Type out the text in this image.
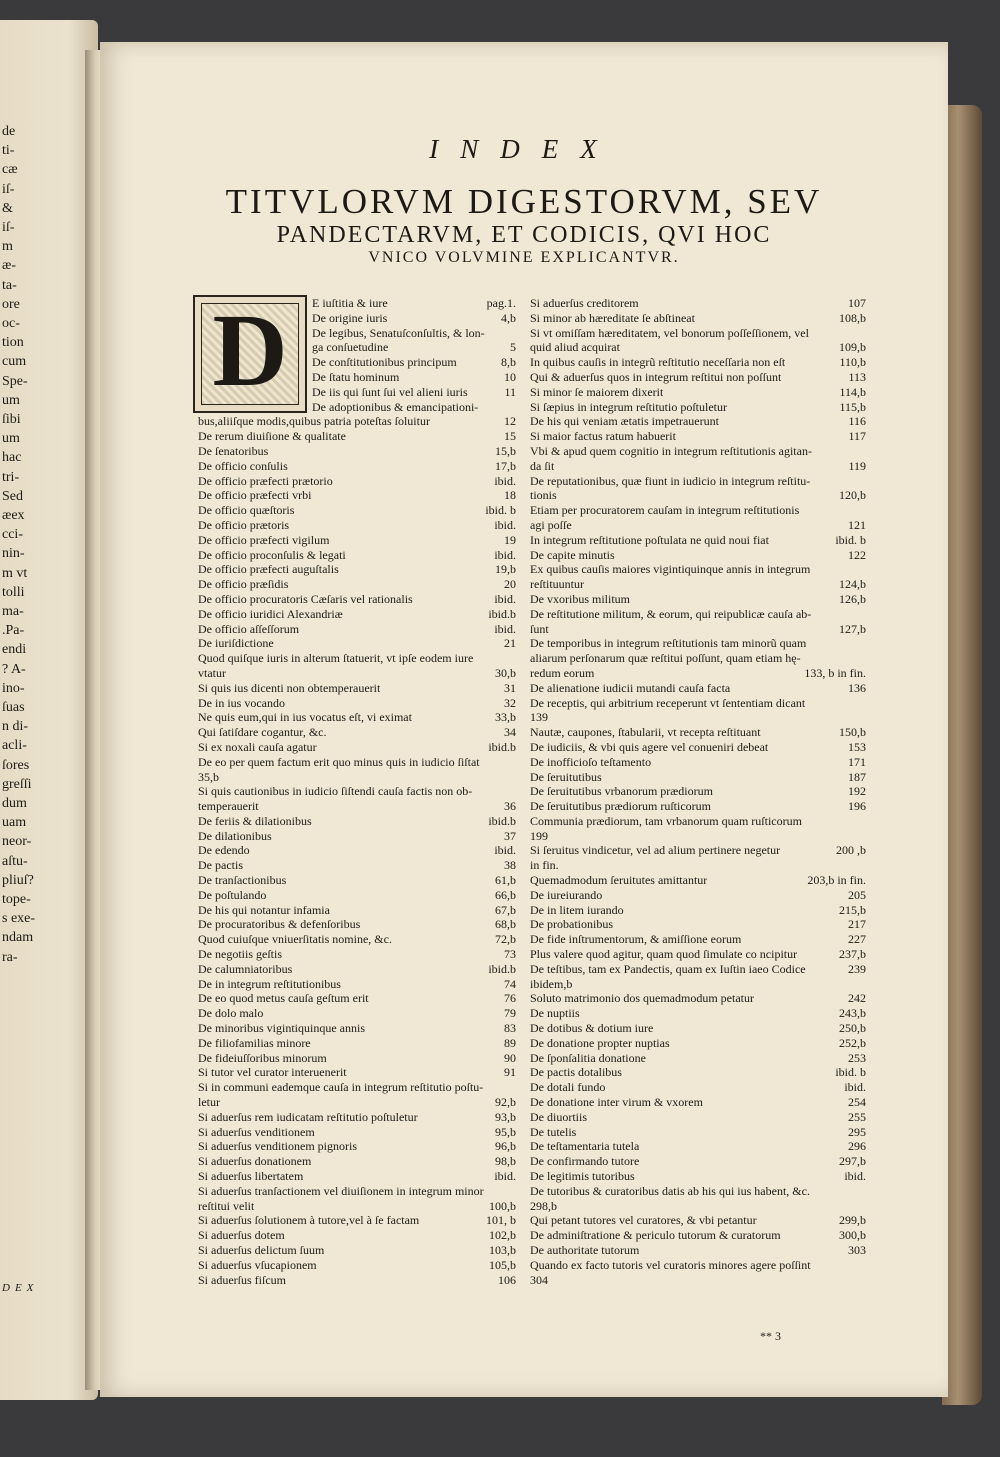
DEX
de
ti-
cæ
iſ-
&
iſ-
m
æ-
ta-
ore
oc-
tion
cum
Spe-
um
ſibi
um
hac
tri-
Sed
æex
cci-
nin-
m vt
tolli
ma-
.Pa-
endi
? A-
ino-
ſuas
n di-
acli-
ſores
greſſi
dum
uam
neor-
aſtu-
pliuſ?
tope-
s exe-
ndam
ra-
INDEX
TITVLORVM DIGESTORVM, SEV
PANDECTARVM, ET CODICIS, QVI HOC
VNICO VOLVMINE EXPLICANTVR.
D	E iuſtitia & iure	pag.1.
De origine iuris	4,b
De legibus, Senatuſconſultis, & lon-
ga conſuetudine	5
De conſtitutionibus principum	8,b
De ſtatu hominum	10
De iis qui ſunt ſui vel alieni iuris	11
De adoptionibus & emancipationi-
bus,aliiſque modis,quibus patria poteſtas ſoluitur	12
De rerum diuiſione & qualitate	15
De ſenatoribus	15,b
De officio conſulis	17,b
De officio præfecti prætorio	ibid.
De officio præfecti vrbi	18
De officio quæſtoris	ibid. b
De officio prætoris	ibid.
De officio præfecti vigilum	19
De officio proconſulis & legati	ibid.
De officio præfecti auguſtalis	19,b
De officio præſidis	20
De officio procuratoris Cæſaris vel rationalis	ibid.
De officio iuridici Alexandriæ	ibid.b
De officio aſſeſſorum	ibid.
De iuriſdictione	21
Quod quiſque iuris in alterum ſtatuerit, vt ipſe eodem iure
vtatur	30,b
Si quis ius dicenti non obtemperauerit	31
De in ius vocando	32
Ne quis eum,qui in ius vocatus eſt, vi eximat	33,b
Qui ſatiſdare cogantur, &c.	34
Si ex noxali cauſa agatur	ibid.b
De eo per quem factum erit quo minus quis in iudicio ſiſtat
35,b
Si quis cautionibus in iudicio ſiſtendi cauſa factis non ob-
temperauerit	36
De feriis & dilationibus	ibid.b
De dilationibus	37
De edendo	ibid.
De pactis	38
De tranſactionibus	61,b
De poſtulando	66,b
De his qui notantur infamia	67,b
De procuratoribus & defenſoribus	68,b
Quod cuiuſque vniuerſitatis nomine, &c.	72,b
De negotiis geſtis	73
De calumniatoribus	ibid.b
De in integrum reſtitutionibus	74
De eo quod metus cauſa geſtum erit	76
De dolo malo	79
De minoribus vigintiquinque annis	83
De filiofamilias minore	89
De fideiuſſoribus minorum	90
Si tutor vel curator interuenerit	91
Si in communi eademque cauſa in integrum reſtitutio poſtu-
letur	92,b
Si aduerſus rem iudicatam reſtitutio poſtuletur	93,b
Si aduerſus venditionem	95,b
Si aduerſus venditionem pignoris	96,b
Si aduerſus donationem	98,b
Si aduerſus libertatem	ibid.
Si aduerſus tranſactionem vel diuiſionem in integrum minor
reſtitui velit	100,b
Si aduerſus ſolutionem à tutore,vel à ſe factam	101, b
Si aduerſus dotem	102,b
Si aduerſus delictum ſuum	103,b
Si aduerſus vſucapionem	105,b
Si aduerſus fiſcum	106
Si aduerſus creditorem	107
Si minor ab hæreditate ſe abſtineat	108,b
Si vt omiſſam hæreditatem, vel bonorum poſſeſſionem, vel
quid aliud acquirat	109,b
In quibus cauſis in integrũ reſtitutio neceſſaria non eſt	110,b
Qui & aduerſus quos in integrum reſtitui non poſſunt	113
Si minor ſe maiorem dixerit	114,b
Si ſæpius in integrum reſtitutio poſtuletur	115,b
De his qui veniam ætatis impetrauerunt	116
Si maior factus ratum habuerit	117
Vbi & apud quem cognitio in integrum reſtitutionis agitan-
da ſit	119
De reputationibus, quæ fiunt in iudicio in integrum reſtitu-
tionis	120,b
Etiam per procuratorem cauſam in integrum reſtitutionis
agi poſſe	121
In integrum reſtitutione poſtulata ne quid noui fiat	ibid. b
De capite minutis	122
Ex quibus cauſis maiores vigintiquinque annis in integrum
reſtituuntur	124,b
De vxoribus militum	126,b
De reſtitutione militum, & eorum, qui reipublicæ cauſa ab-
ſunt	127,b
De temporibus in integrum reſtitutionis tam minorũ quam
aliarum perſonarum quæ reſtitui poſſunt, quam etiam hę-
redum eorum	133, b in fin.
De alienatione iudicii mutandi cauſa facta	136
De receptis, qui arbitrium receperunt vt ſententiam dicant
139
Nautæ, caupones, ſtabularii, vt recepta reſtituant	150,b
De iudiciis, & vbi quis agere vel conueniri debeat	153
De inofficioſo teſtamento	171
De ſeruitutibus	187
De ſeruitutibus vrbanorum prædiorum	192
De ſeruitutibus prædiorum ruſticorum	196
Communia prædiorum, tam vrbanorum quam ruſticorum
199
Si ſeruitus vindicetur, vel ad alium pertinere negetur	200 ,b
in fin.
Quemadmodum ſeruitutes amittantur	203,b in fin.
De iureiurando	205
De in litem iurando	215,b
De probationibus	217
De fide inſtrumentorum, & amiſſione eorum	227
Plus valere quod agitur, quam quod ſimulate co ncipitur	237,b
De teſtibus, tam ex Pandectis, quam ex Iuſtin iaeo Codice	239
ibidem,b
Soluto matrimonio dos quemadmodum petatur	242
De nuptiis	243,b
De dotibus & dotium iure	250,b
De donatione propter nuptias	252,b
De ſponſalitia donatione	253
De pactis dotalibus	ibid. b
De dotali fundo	ibid.
De donatione inter virum & vxorem	254
De diuortiis	255
De tutelis	295
De teſtamentaria tutela	296
De confirmando tutore	297,b
De legitimis tutoribus	ibid.
De tutoribus & curatoribus datis ab his qui ius habent, &c.
298,b
Qui petant tutores vel curatores, & vbi petantur	299,b
De adminiſtratione & periculo tutorum & curatorum	300,b
De authoritate tutorum	303
Quando ex facto tutoris vel curatoris minores agere poſſint
304
** 3
